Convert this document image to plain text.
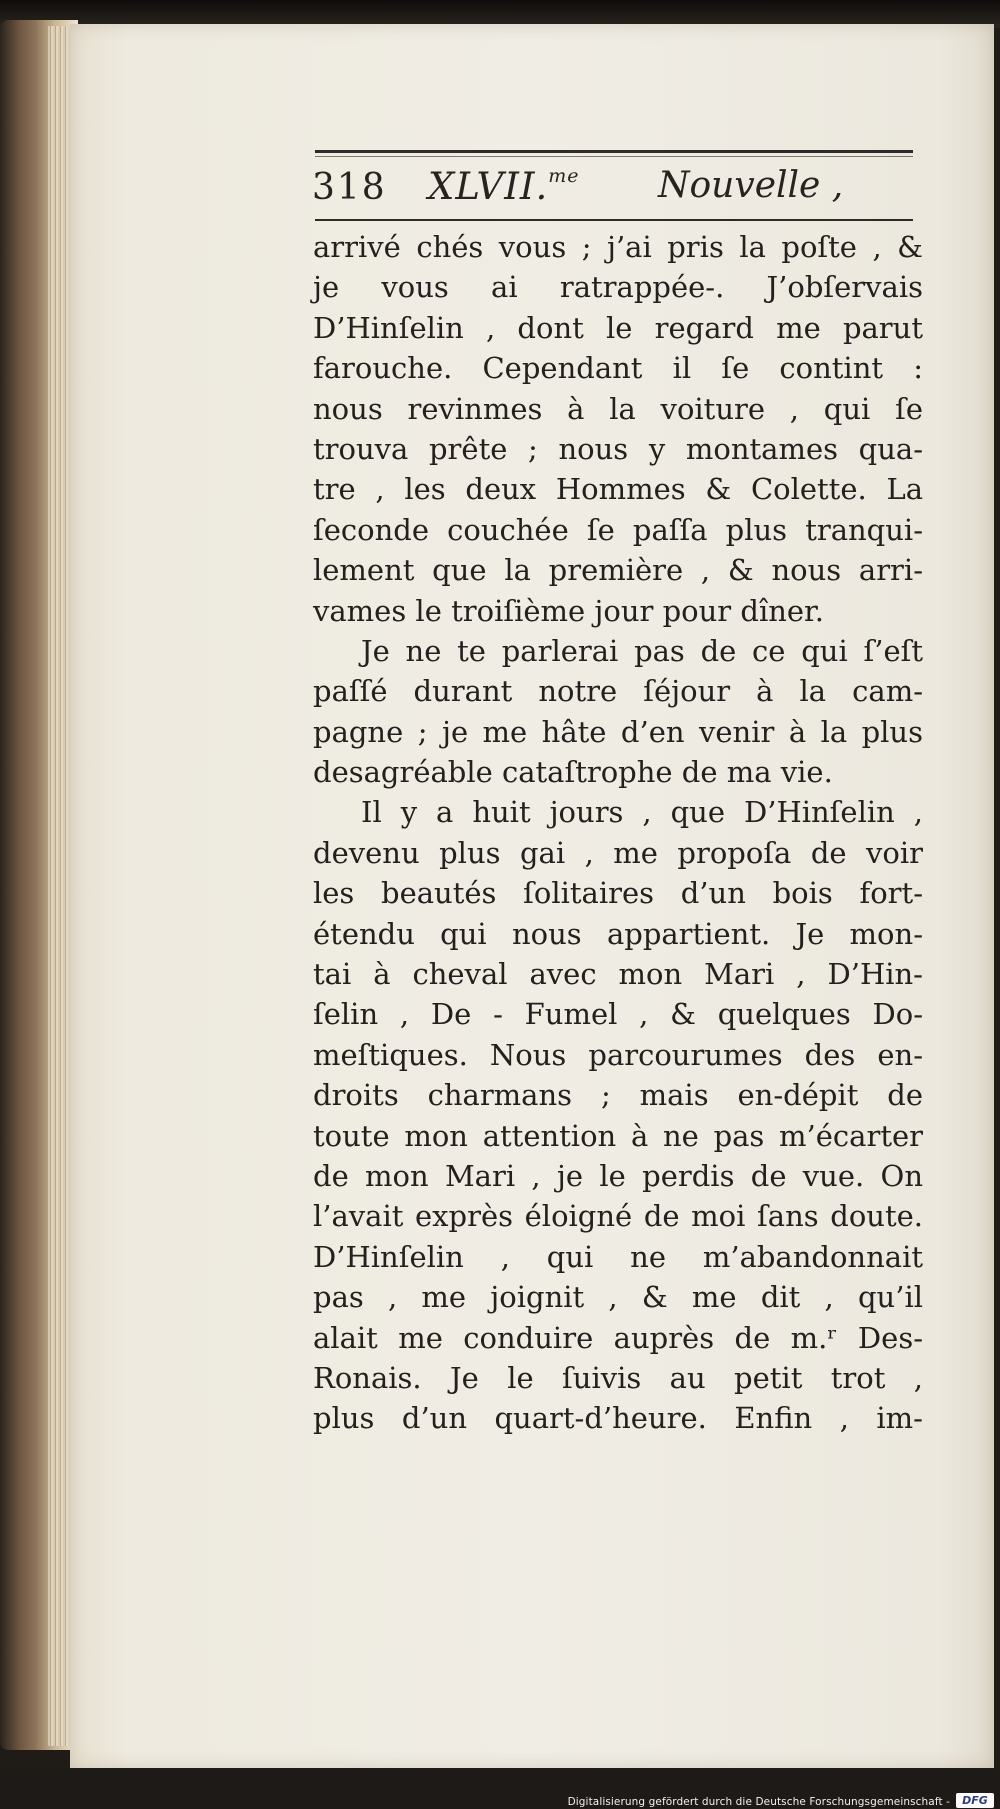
318 XLVII.$^{me}$ Nouvelle ,
arrivé chés vous ; j’ai pris la poſte , &
je vous ai ratrappée-. J’obſervais
D’Hinſelin , dont le regard me parut
farouche. Cependant il ſe contint :
nous revinmes à la voiture , qui ſe
trouva prête ; nous y montames qua-
tre , les deux Hommes & Colette. La
ſeconde couchée ſe paſſa plus tranqui-
lement que la première , & nous arri-
vames le troiſième jour pour dîner.
Je ne te parlerai pas de ce qui ſ’eſt
paſſé durant notre ſéjour à la cam-
pagne ; je me hâte d’en venir à la plus
desagréable cataſtrophe de ma vie.
Il y a huit jours , que D’Hinſelin ,
devenu plus gai , me propoſa de voir
les beautés ſolitaires d’un bois fort-
étendu qui nous appartient. Je mon-
tai à cheval avec mon Mari , D’Hin-
ſelin , De - Fumel , & quelques Do-
meſtiques. Nous parcourumes des en-
droits charmans ; mais en-dépit de
toute mon attention à ne pas m’écarter
de mon Mari , je le perdis de vue. On
l’avait exprès éloigné de moi ſans doute.
D’Hinſelin , qui ne m’abandonnait
pas , me joignit , & me dit , qu’il
alait me conduire auprès de m.ʳ Des-
Ronais. Je le ſuivis au petit trot ,
plus d’un quart-d’heure. Enfin , im-
Digitalisierung gefördert durch die Deutsche Forschungsgemeinschaft -	DFG
